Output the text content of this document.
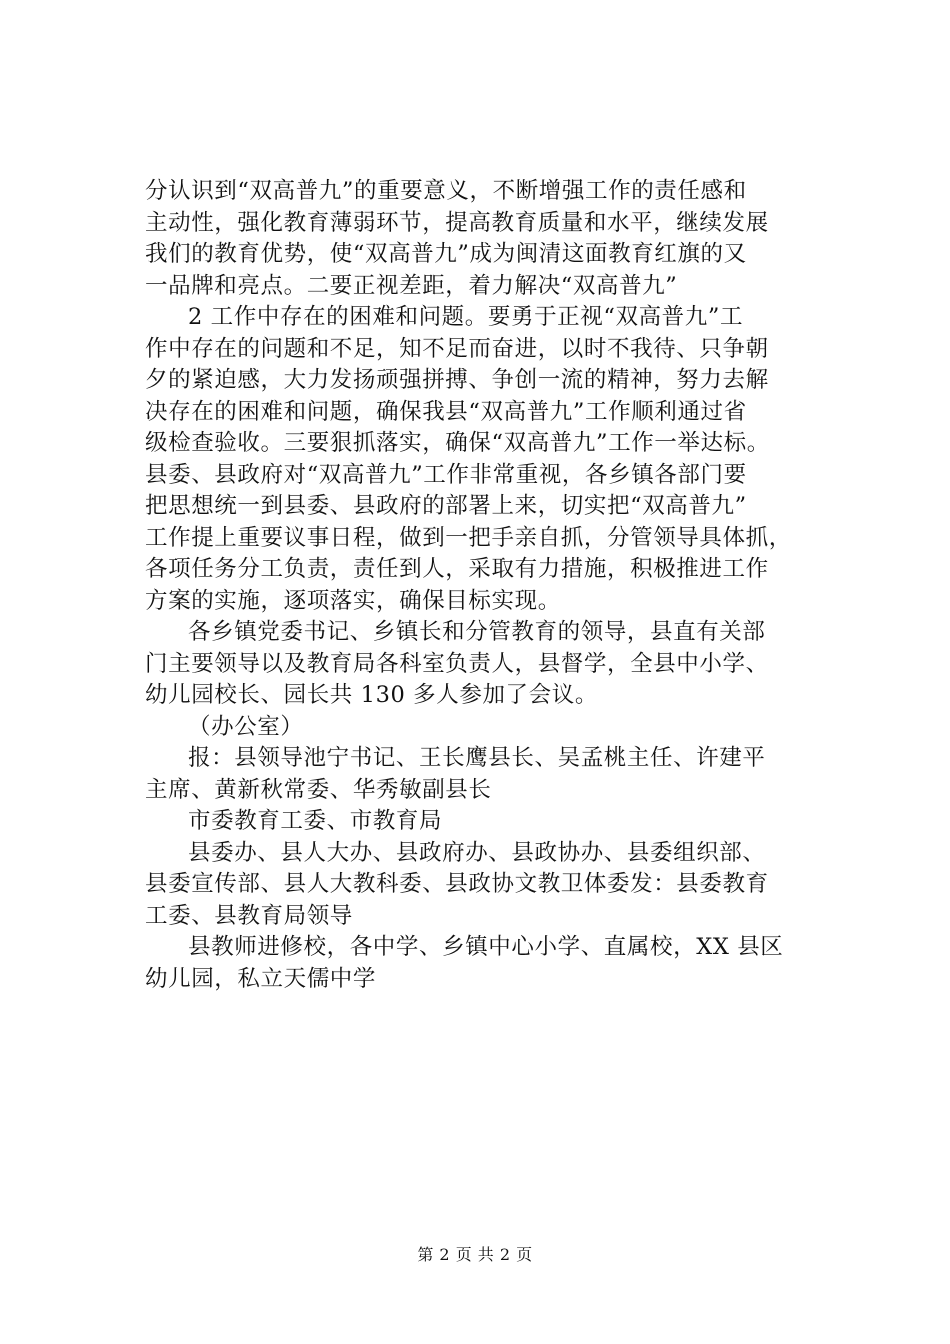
分认识到“双高普九”的重要意义，不断增强工作的责任感和
主动性，强化教育薄弱环节，提高教育质量和水平，继续发展
我们的教育优势，使“双高普九”成为闽清这面教育红旗的又
一品牌和亮点。二要正视差距，着力解决“双高普九”
2 工作中存在的困难和问题。要勇于正视“双高普九”工
作中存在的问题和不足，知不足而奋进，以时不我待、只争朝
夕的紧迫感，大力发扬顽强拼搏、争创一流的精神，努力去解
决存在的困难和问题，确保我县“双高普九”工作顺利通过省
级检查验收。三要狠抓落实，确保“双高普九”工作一举达标。
县委、县政府对“双高普九”工作非常重视，各乡镇各部门要
把思想统一到县委、县政府的部署上来，切实把“双高普九”
工作提上重要议事日程，做到一把手亲自抓，分管领导具体抓，
各项任务分工负责，责任到人，采取有力措施，积极推进工作
方案的实施，逐项落实，确保目标实现。
各乡镇党委书记、乡镇长和分管教育的领导，县直有关部
门主要领导以及教育局各科室负责人，县督学，全县中小学、
幼儿园校长、园长共 130 多人参加了会议。
（办公室）
报：县领导池宁书记、王长鹰县长、吴孟桃主任、许建平
主席、黄新秋常委、华秀敏副县长
市委教育工委、市教育局
县委办、县人大办、县政府办、县政协办、县委组织部、
县委宣传部、县人大教科委、县政协文教卫体委发：县委教育
工委、县教育局领导
县教师进修校，各中学、乡镇中心小学、直属校，XX 县区
幼儿园，私立天儒中学
第 2 页 共 2 页
